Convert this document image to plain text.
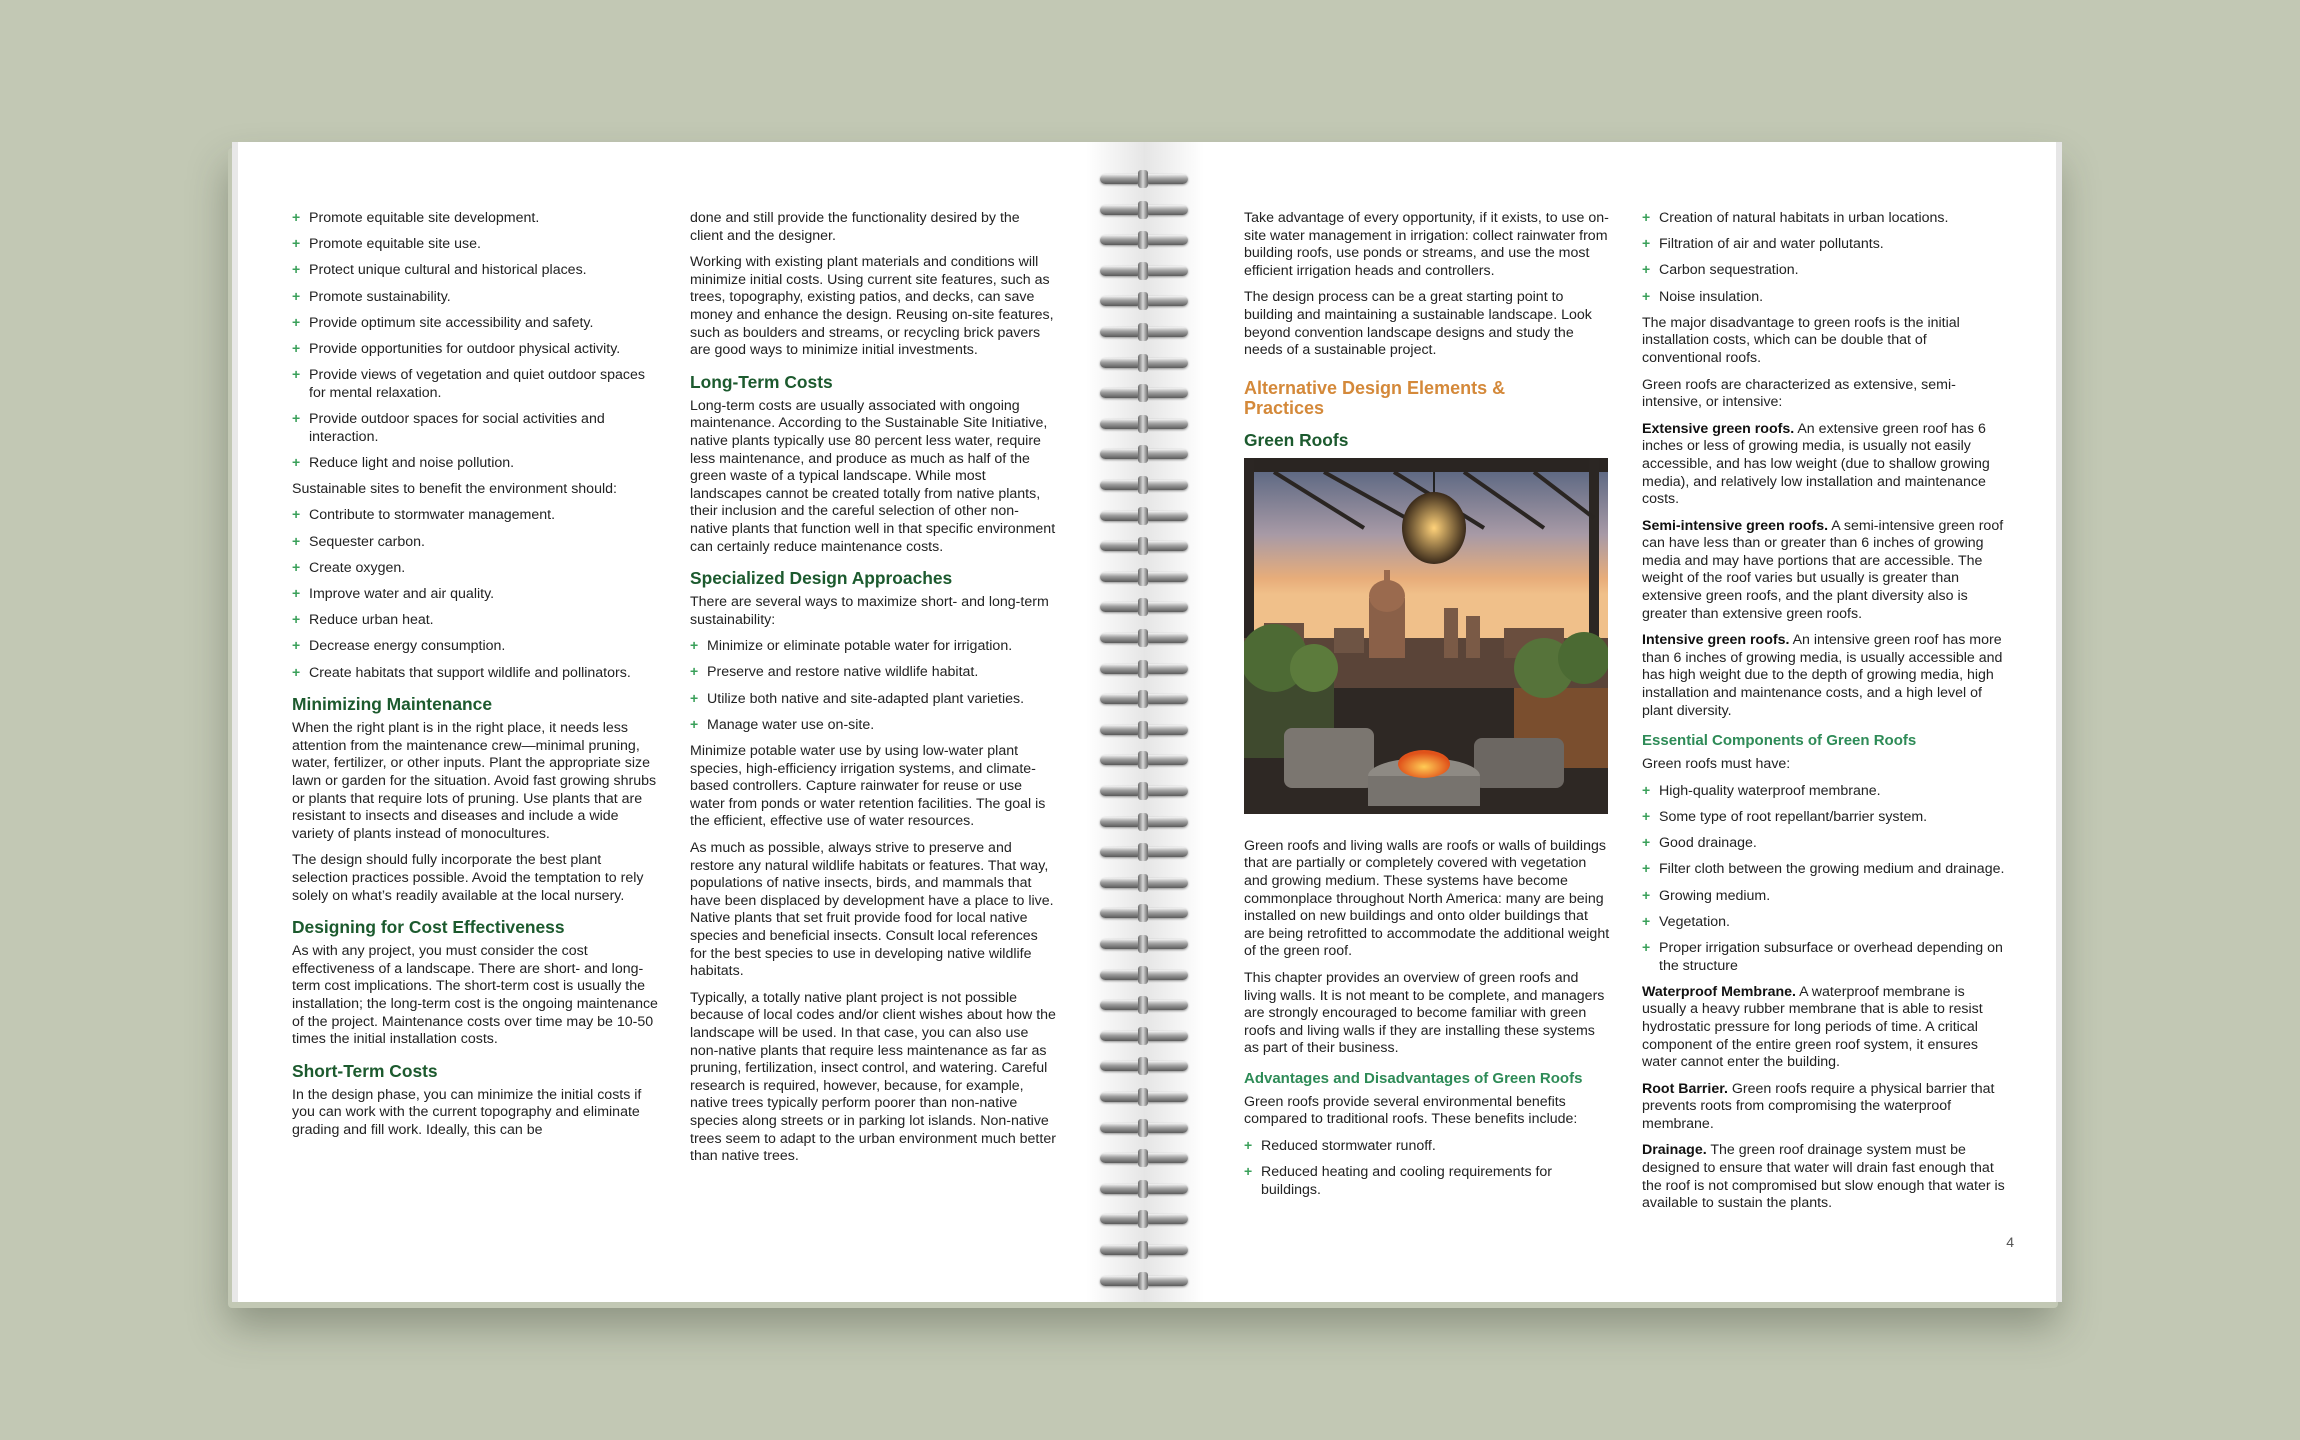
+ Promote equitable site development.
+ Promote equitable site use.
+ Protect unique cultural and historical places.
+ Promote sustainability.
+ Provide optimum site accessibility and safety.
+ Provide opportunities for outdoor physical activity.
+ Provide views of vegetation and quiet outdoor spaces for mental relaxation.
+ Provide outdoor spaces for social activities and interaction.
+ Reduce light and noise pollution.

Sustainable sites to benefit the environment should:

+ Contribute to stormwater management.
+ Sequester carbon.
+ Create oxygen.
+ Improve water and air quality.
+ Reduce urban heat.
+ Decrease energy consumption.
+ Create habitats that support wildlife and pollinators.
Minimizing Maintenance

When the right plant is in the right place, it needs less attention from the maintenance crew—minimal pruning, water, fertilizer, or other inputs. Plant the appropriate size lawn or garden for the situation. Avoid fast growing shrubs or plants that require lots of pruning. Use plants that are resistant to insects and diseases and include a wide variety of plants instead of monocultures.

The design should fully incorporate the best plant selection practices possible. Avoid the temptation to rely solely on what’s readily available at the local nursery.

Designing for Cost Effectiveness

As with any project, you must consider the cost effectiveness of a landscape. There are short- and long-term cost implications. The short-term cost is usually the installation; the long-term cost is the ongoing maintenance of the project. Maintenance costs over time may be 10-50 times the initial installation costs.

Short-Term Costs

In the design phase, you can minimize the initial costs if you can work with the current topography and eliminate grading and fill work. Ideally, this can be

done and still provide the functionality desired by the client and the designer.

Working with existing plant materials and conditions will minimize initial costs. Using current site features, such as trees, topography, existing patios, and decks, can save money and enhance the design. Reusing on-site features, such as boulders and streams, or recycling brick pavers are good ways to minimize initial investments.

Long-Term Costs

Long-term costs are usually associated with ongoing maintenance. According to the Sustainable Site Initiative, native plants typically use 80 percent less water, require less maintenance, and produce as much as half of the green waste of a typical landscape. While most landscapes cannot be created totally from native plants, their inclusion and the careful selection of other non-native plants that function well in that specific environment can certainly reduce maintenance costs.

Specialized Design Approaches

There are several ways to maximize short- and long-term sustainability:

+ Minimize or eliminate potable water for irrigation.
+ Preserve and restore native wildlife habitat.
+ Utilize both native and site-adapted plant varieties.
+ Manage water use on-site.

Minimize potable water use by using low-water plant species, high-efficiency irrigation systems, and climate-based controllers. Capture rainwater for reuse or use water from ponds or water retention facilities. The goal is the efficient, effective use of water resources.

As much as possible, always strive to preserve and restore any natural wildlife habitats or features. That way, populations of native insects, birds, and mammals that have been displaced by development have a place to live. Native plants that set fruit provide food for local native species and beneficial insects. Consult local references for the best species to use in developing native wildlife habitats.

Typically, a totally native plant project is not possible because of local codes and/or client wishes about how the landscape will be used. In that case, you can also use non-native plants that require less maintenance as far as pruning, fertilization, insect control, and watering. Careful research is required, however, because, for example, native trees typically perform poorer than non-native species along streets or in parking lot islands. Non-native trees seem to adapt to the urban environment much better than native trees.

Take advantage of every opportunity, if it exists, to use on-site water management in irrigation: collect rainwater from building roofs, use ponds or streams, and use the most efficient irrigation heads and controllers.

The design process can be a great starting point to building and maintaining a sustainable landscape. Look beyond convention landscape designs and study the needs of a sustainable project.

Alternative Design Elements & Practices
Green Roofs

Green roofs and living walls are roofs or walls of buildings that are partially or completely covered with vegetation and growing medium. These systems have become commonplace throughout North America: many are being installed on new buildings and onto older buildings that are being retrofitted to accommodate the additional weight of the green roof.

This chapter provides an overview of green roofs and living walls. It is not meant to be complete, and managers are strongly encouraged to become familiar with green roofs and living walls if they are installing these systems as part of their business.

Advantages and Disadvantages of Green Roofs

Green roofs provide several environmental benefits compared to traditional roofs. These benefits include:

+ Reduced stormwater runoff.
+ Reduced heating and cooling requirements for buildings.
+ Creation of natural habitats in urban locations.
+ Filtration of air and water pollutants.
+ Carbon sequestration.
+ Noise insulation.

The major disadvantage to green roofs is the initial installation costs, which can be double that of conventional roofs.

Green roofs are characterized as extensive, semi-intensive, or intensive:

Extensive green roofs. An extensive green roof has 6 inches or less of growing media, is usually not easily accessible, and has low weight (due to shallow growing media), and relatively low installation and maintenance costs.

Semi-intensive green roofs. A semi-intensive green roof can have less than or greater than 6 inches of growing media and may have portions that are accessible. The weight of the roof varies but usually is greater than extensive green roofs, and the plant diversity also is greater than extensive green roofs.

Intensive green roofs. An intensive green roof has more than 6 inches of growing media, is usually accessible and has high weight due to the depth of growing media, high installation and maintenance costs, and a high level of plant diversity.

Essential Components of Green Roofs

Green roofs must have:

+ High-quality waterproof membrane.
+ Some type of root repellant/barrier system.
+ Good drainage.
+ Filter cloth between the growing medium and drainage.
+ Growing medium.
+ Vegetation.
+ Proper irrigation subsurface or overhead depending on the structure

Waterproof Membrane. A waterproof membrane is usually a heavy rubber membrane that is able to resist hydrostatic pressure for long periods of time. A critical component of the entire green roof system, it ensures water cannot enter the building.

Root Barrier. Green roofs require a physical barrier that prevents roots from compromising the waterproof membrane.

Drainage. The green roof drainage system must be designed to ensure that water will drain fast enough that the roof is not compromised but slow enough that water is available to sustain the plants.

4
